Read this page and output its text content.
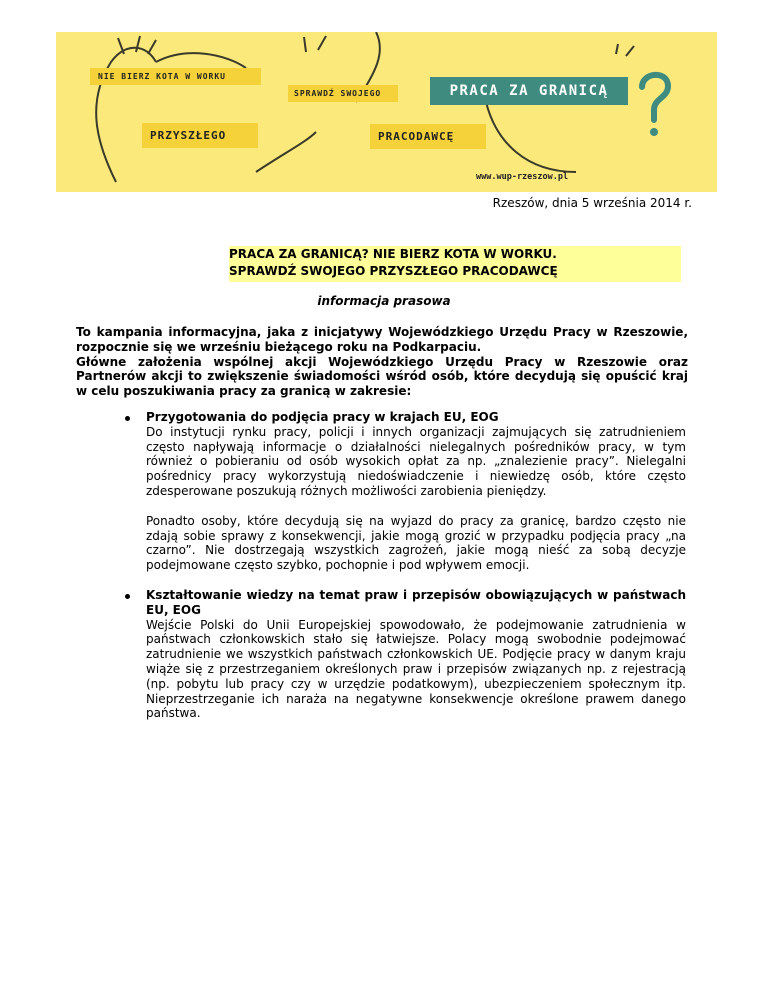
NIE BIERZ KOTA W WORKU
SPRAWDŹ SWOJEGO
PRZYSZŁEGO	PRACODAWCĘ
PRACA ZA GRANICĄ
www.wup-rzeszow.pl
Rzeszów, dnia 5 września 2014 r.
PRACA ZA GRANICĄ? NIE BIERZ KOTA W WORKU.
SPRAWDŹ SWOJEGO PRZYSZŁEGO PRACODAWCĘ
informacja prasowa

To kampania informacyjna, jaka z inicjatywy Wojewódzkiego Urzędu Pracy w Rzeszowie, rozpocznie się we wrześniu bieżącego roku na Podkarpaciu.

Główne założenia wspólnej akcji Wojewódzkiego Urzędu Pracy w Rzeszowie oraz Partnerów akcji to zwiększenie świadomości wśród osób, które decydują się opuścić kraj w celu poszukiwania pracy za granicą w zakresie:

Przygotowania do podjęcia pracy w krajach EU, EOG
Do instytucji rynku pracy, policji i innych organizacji zajmujących się zatrudnieniem często napływają informacje o działalności nielegalnych pośredników pracy, w tym również o pobieraniu od osób wysokich opłat za np. „znalezienie pracy”. Nielegalni pośrednicy pracy wykorzystują niedoświadczenie i niewiedzę osób, które często zdesperowane poszukują różnych możliwości zarobienia pieniędzy.
Ponadto osoby, które decydują się na wyjazd do pracy za granicę, bardzo często nie zdają sobie sprawy z konsekwencji, jakie mogą grozić w przypadku podjęcia pracy „na czarno”. Nie dostrzegają wszystkich zagrożeń, jakie mogą nieść za sobą decyzje podejmowane często szybko, pochopnie i pod wpływem emocji.
Kształtowanie wiedzy na temat praw i przepisów obowiązujących w państwach EU, EOG
Wejście Polski do Unii Europejskiej spowodowało, że podejmowanie zatrudnienia w państwach członkowskich stało się łatwiejsze. Polacy mogą swobodnie podejmować zatrudnienie we wszystkich państwach członkowskich UE. Podjęcie pracy w danym kraju wiąże się z przestrzeganiem określonych praw i przepisów związanych np. z rejestracją (np. pobytu lub pracy czy w urzędzie podatkowym), ubezpieczeniem społecznym itp. Nieprzestrzeganie ich naraża na negatywne konsekwencje określone prawem danego państwa.
